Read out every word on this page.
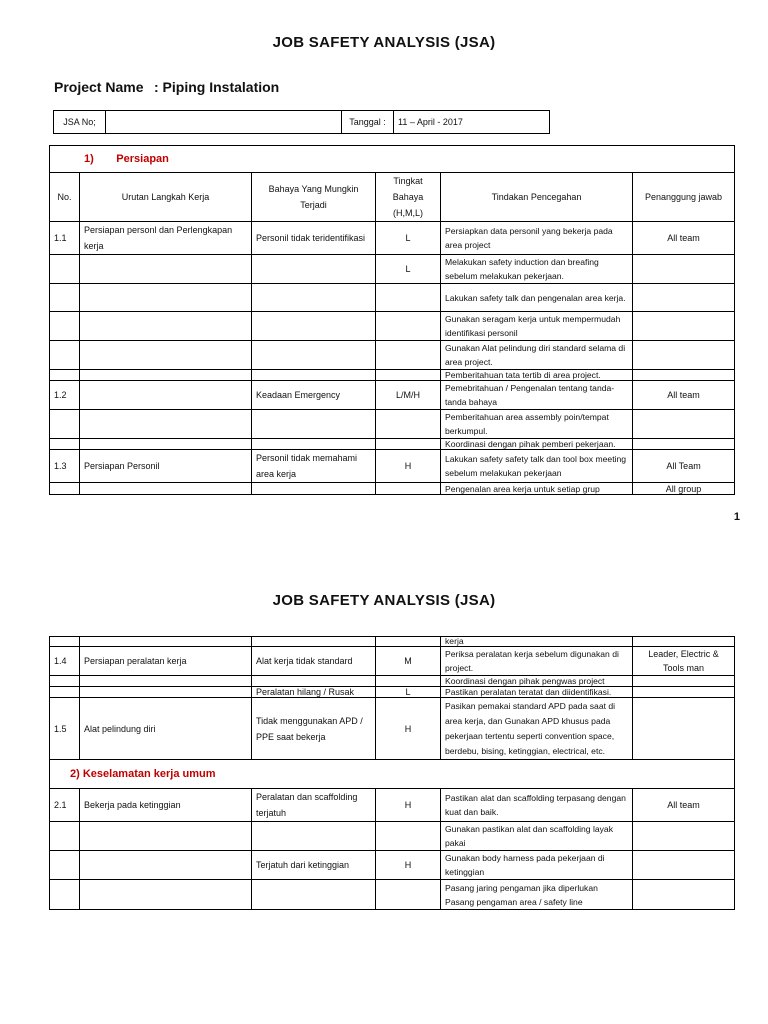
JOB SAFETY ANALYSIS (JSA)
Project Name : Piping Instalation
JSA No;		Tanggal :	11 – April - 2017
1) Persiapan					
No.	Urutan Langkah Kerja	Bahaya Yang Mungkin Terjadi	Tingkat Bahaya (H,M,L)	Tindakan Pencegahan	Penanggung jawab
1.1	Persiapan personl dan Perlengkapan kerja	Personil tidak teridentifikasi	L	Persiapkan data personil yang bekerja pada area project	All team
			L	Melakukan safety induction dan breafing sebelum melakukan pekerjaan.	
				Lakukan safety talk dan pengenalan area kerja.	
				Gunakan seragam kerja untuk mempermudah identifikasi personil	
				Gunakan Alat pelindung diri standard selama di area project.	
				Pemberitahuan tata tertib di area project.	
1.2		Keadaan Emergency	L/M/H	Pemebritahuan / Pengenalan tentang tanda-tanda bahaya	All team
				Pemberitahuan area assembly poin/tempat berkumpul.	
				Koordinasi dengan pihak pemberi pekerjaan.	
1.3	Persiapan Personil	Personil tidak memahami area kerja	H	Lakukan safety safety talk dan tool box meeting sebelum melakukan pekerjaan	All Team
				Pengenalan area kerja untuk setiap grup	All group
1
JOB SAFETY ANALYSIS (JSA)
				kerja	
1.4	Persiapan peralatan kerja	Alat kerja tidak standard	M	Periksa peralatan kerja sebelum digunakan di project.	Leader, Electric & Tools man
				Koordinasi dengan pihak pengwas project	
		Peralatan hilang / Rusak	L	Pastikan peralatan teratat dan diidentifikasi.	
1.5	Alat pelindung diri	Tidak menggunakan APD / PPE saat bekerja	H	Pasikan pemakai standard APD pada saat di area kerja, dan Gunakan APD khusus pada pekerjaan tertentu seperti convention space, berdebu, bising, ketinggian, electrical, etc.	
2) Keselamatan kerja umum					
2.1	Bekerja pada ketinggian	Peralatan dan scaffolding terjatuh	H	Pastikan alat dan scaffolding terpasang dengan kuat dan baik.	All team
				Gunakan pastikan alat dan scaffolding layak pakai	
		Terjatuh dari ketinggian	H	Gunakan body harness pada pekerjaan di ketinggian	
				Pasang jaring pengaman jika diperlukan Pasang pengaman area / safety line	
